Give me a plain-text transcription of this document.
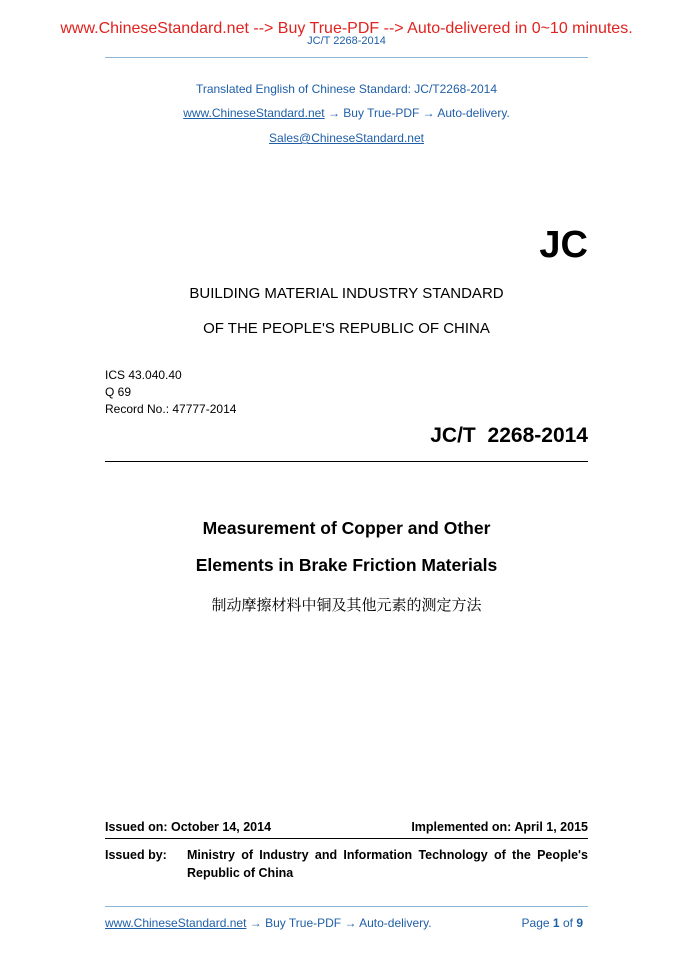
www.ChineseStandard.net --> Buy True-PDF --> Auto-delivered in 0~10 minutes.
JC/T 2268-2014
Translated English of Chinese Standard: JC/T2268-2014
www.ChineseStandard.net → Buy True-PDF → Auto-delivery.
Sales@ChineseStandard.net
JC
BUILDING MATERIAL INDUSTRY STANDARD
OF THE PEOPLE'S REPUBLIC OF CHINA
ICS 43.040.40
Q 69
Record No.: 47777-2014
JC/T 2268-2014
Measurement of Copper and Other
Elements in Brake Friction Materials
制动摩擦材料中铜及其他元素的测定方法
Issued on: October 14, 2014	Implemented on: April 1, 2015
Issued by:	Ministry of Industry and Information Technology of the People's Republic of China
www.ChineseStandard.net → Buy True-PDF → Auto-delivery.	Page 1 of 9
